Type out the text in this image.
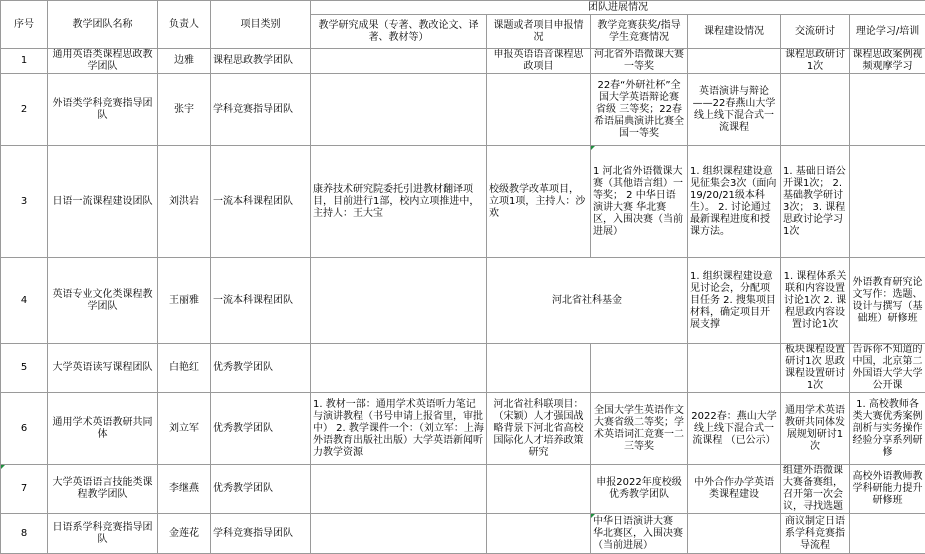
序号	教学团队名称	负责人	项目类别	团队进展情况					
				教学研究成果（专著、教改论文、译著、教材等）	课题或者项目申报情况	教学竞赛获奖/指导学生竞赛情况	课程建设情况	交流研讨	理论学习/培训
1	通用英语类课程思政教学团队	边雅	课程思政教学团队		申报英语语音课程思政项目	河北省外语微课大赛一等奖		课程思政研讨1次	课程思政案例视频观摩学习
2	外语类学科竞赛指导团队	张宇	学科竞赛指导团队			22春“外研社杯”全国大学英语辩论赛 省级 三等奖；22春希语届典演讲比赛全国一等奖	英语演讲与辩论——22春燕山大学线上线下混合式一流课程		
3	日语一流课程建设团队	刘洪岩	一流本科课程团队	康养技术研究院委托引进教材翻译项目，目前进行1部，校内立项推进中，主持人：王大宝	校级教学改革项目，立项1项，主持人：沙欢	1 河北省外语微课大赛（其他语言组）一等奖； 2 中华日语演讲大赛 华北赛区，入围决赛（当前进展）	1. 组织课程建设意见征集会3次（面向19/20/21级本科生）。 2. 讨论通过最新课程进度和授课方法。	1. 基础日语公开课1次； 2. 基础教学研讨3次； 3. 课程思政讨论学习1次	
4	英语专业文化类课程教学团队	王丽雅	一流本科课程团队		河北省社科基金		1. 组织课程建设意见讨论会，分配项目任务 2. 搜集项目材料，确定项目开展支撑	1. 课程体系关联和内容设置讨论1次 2. 课程思政内容设置讨论1次	外语教育研究论文写作：选题、设计与撰写（基础班）研修班
5	大学英语读写课程团队	白艳红	优秀教学团队					板块课程设置研讨1次 思政课程设置研讨1次	告诉你不知道的中国，北京第二外国语大学大学公开课
6	通用学术英语教研共同体	刘立军	优秀教学团队	1. 教材一部：通用学术英语听力笔记与演讲教程（书号申请上报省里，审批中） 2. 教学课件一个：（刘立军：上海外语教育出版社出版）大学英语新闻听力教学资源	河北省社科联项目：（宋颖）人才强国战略背景下河北省高校国际化人才培养政策研究	全国大学生英语作文大赛省级二等奖；学术英语词汇竞赛一二三等奖	2022春：燕山大学线上线下混合式一流课程 （已公示）	通用学术英语教研共同体发展规划研讨1次	1. 高校教师各类大赛优秀案例剖析与实务操作经验分享系列研修
7	大学英语语言技能类课程教学团队	李继燕	优秀教学团队			申报2022年度校级优秀教学团队	中外合作办学英语类课程建设	组建外语微课大赛备赛组，召开第一次会议，寻找选题	高校外语教师教学科研能力提升研修班
8	日语系学科竞赛指导团队	金莲花	学科竞赛指导团队			中华日语演讲大赛 华北赛区，入围决赛（当前进展）		商议制定日语系学科竞赛指导流程	
